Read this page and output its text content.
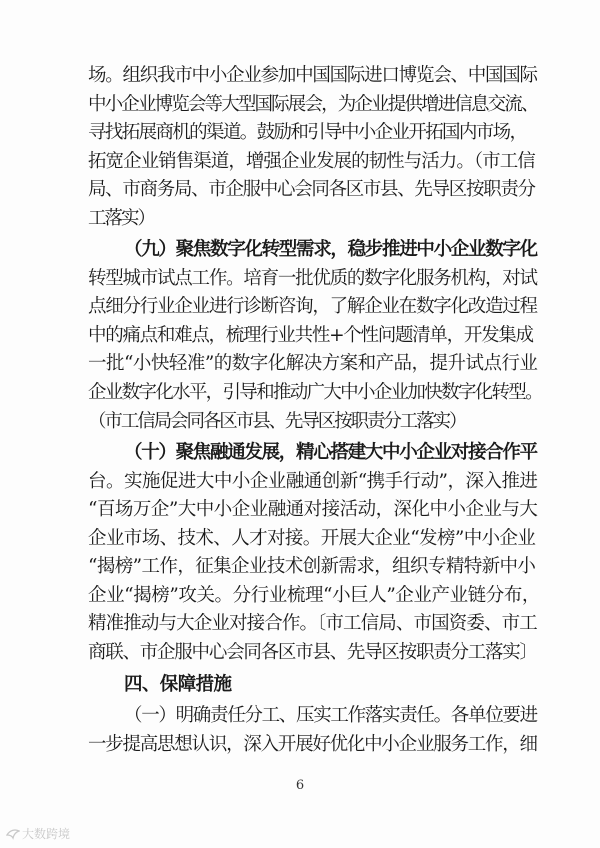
场。组织我市中小企业参加中国国际进口博览会、中国国际
中小企业博览会等大型国际展会，为企业提供增进信息交流、
寻找拓展商机的渠道。鼓励和引导中小企业开拓国内市场，
拓宽企业销售渠道，增强企业发展的韧性与活力。（市工信
局、市商务局、市企服中心会同各区市县、先导区按职责分
工落实）
（九）聚焦数字化转型需求，稳步推进中小企业数字化
转型城市试点工作。培育一批优质的数字化服务机构，对试
点细分行业企业进行诊断咨询，了解企业在数字化改造过程
中的痛点和难点，梳理行业共性+个性问题清单，开发集成
一批“小快轻准”的数字化解决方案和产品，提升试点行业
企业数字化水平，引导和推动广大中小企业加快数字化转型。
（市工信局会同各区市县、先导区按职责分工落实）
（十）聚焦融通发展，精心搭建大中小企业对接合作平
台。实施促进大中小企业融通创新“携手行动”，深入推进
“百场万企”大中小企业融通对接活动，深化中小企业与大
企业市场、技术、人才对接。开展大企业“发榜”中小企业
“揭榜”工作，征集企业技术创新需求，组织专精特新中小
企业“揭榜”攻关。分行业梳理“小巨人”企业产业链分布，
精准推动与大企业对接合作。〔市工信局、市国资委、市工
商联、市企服中心会同各区市县、先导区按职责分工落实〕
四、保障措施
（一）明确责任分工、压实工作落实责任。各单位要进
一步提高思想认识，深入开展好优化中小企业服务工作，细
6
大数跨境
